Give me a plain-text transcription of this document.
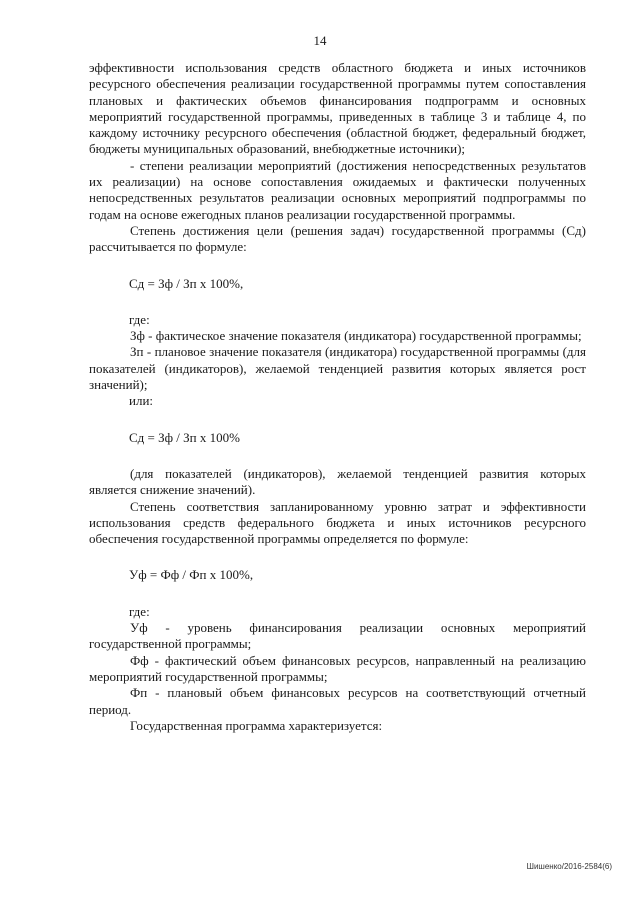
14

эффективности использования средств областного бюджета и иных источников ресурсного обеспечения реализации государственной программы путем сопоставления плановых и фактических объемов финансирования подпрограмм и основных мероприятий государственной программы, приведенных в таблице 3 и таблице 4, по каждому источнику ресурсного обеспечения (областной бюджет, федеральный бюджет, бюджеты муниципальных образований, внебюджетные источники);

- степени реализации мероприятий (достижения непосредственных результатов их реализации) на основе сопоставления ожидаемых и фактически полученных непосредственных результатов реализации основных мероприятий подпрограммы по годам на основе ежегодных планов реализации государственной программы.

Степень достижения цели (решения задач) государственной программы (Сд) рассчитывается по формуле:

Сд = Зф / Зп х 100%,

где:

Зф - фактическое значение показателя (индикатора) государственной программы;

Зп - плановое значение показателя (индикатора) государственной программы (для показателей (индикаторов), желаемой тенденцией развития которых является рост значений);

или:

Сд = Зф / Зп х 100%

(для показателей (индикаторов), желаемой тенденцией развития которых является снижение значений).

Степень соответствия запланированному уровню затрат и эффективности использования средств федерального бюджета и иных источников ресурсного обеспечения государственной программы определяется по формуле:

Уф = Фф / Фп х 100%,

где:

Уф - уровень финансирования реализации основных мероприятий государственной программы;

Фф - фактический объем финансовых ресурсов, направленный на реализацию мероприятий государственной программы;

Фп - плановый объем финансовых ресурсов на соответствующий отчетный период.

Государственная программа характеризуется:

Шишенко/2016-2584(6)
